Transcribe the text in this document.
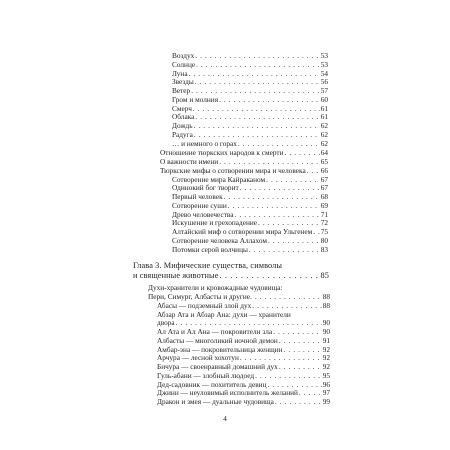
Воздух . . .	53
Солнце . . .	53
Луна . . .	54
Звезды . . .	56
Ветер . . .	57
Гром и молния . . .	60
Смерч . . .	61
Облака . . .	61
Дождь . . .	62
Радуга . . .	62
… и немного о горах . . .	62
Отношение тюркских народов к смерти . . .	64
О важности имени . . .	65
Тюркские мифы о сотворении мира и человека . . . 66
Сотворение мира Кайраканом . . .	67
Одинокий бог творит . . .	67
Первый человек . . .	68
Сотворение суши . . .	69
Древо человечества . . .	71
Искушение и грехопадение . . .	72
Алтайский миф о сотворении мира Ульгенем . . . 75
Сотворение человека Аллахом . . .	80
Потомки серой волчицы . . .	83
Глава 3. Мифические существа, символы
и священные животные . . .	85
Духи-хранители и кровожадные чудовища:
Пери, Симург, Албасты и другие . . .	88
Абасы — подземный злой дух . . .	88
Абзар Ата и Абзар Ана: духи — хранители
двора . . .	90
Ал Ата и Ал Ана — покровители зла . . .	90
Албасты — многоликий ночной демон . . .	91
Амбар-эна — покровительница женщин . . .	92
Арчура — лесной хохотун . . .	92
Бичура — своенравный домашний дух . . .	92
Гуль-абани — злобный людоед . . .	95
Дед-садовник — похититель девиц . . .	96
Джинн — неуловимый исполнитель желаний . . .	97
Дракон и змея — дуальные чудовища . . .	99
4
